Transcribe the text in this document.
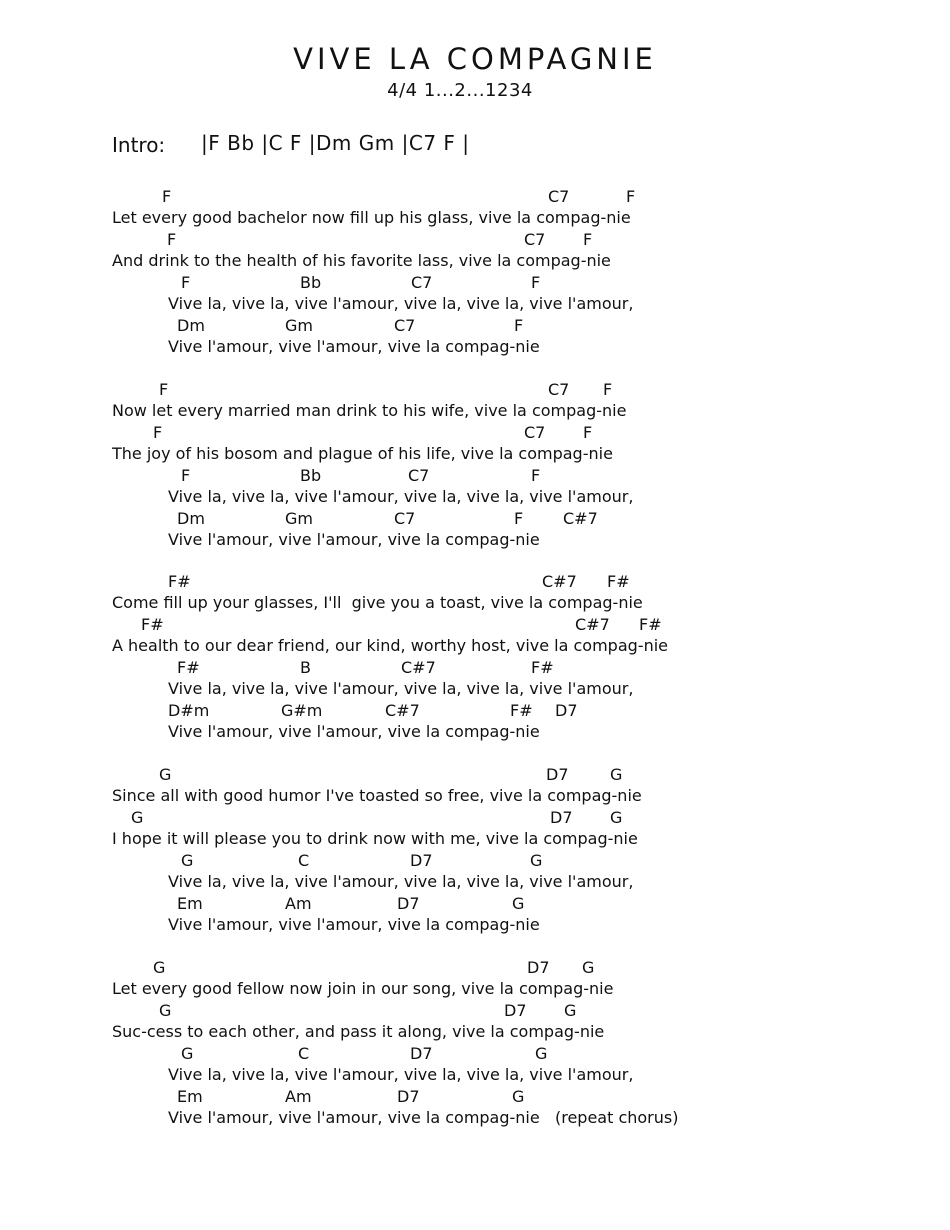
VIVE LA COMPAGNIE
4/4 1...2...1234
Intro: |F Bb |C F |Dm Gm |C7 F |
F	C7	F
Let every good bachelor now fill up his glass, vive la compag-nie
F	C7 F
And drink to the health of his favorite lass, vive la compag-nie
F	Bb	C7	F
Vive la, vive la, vive l'amour, vive la, vive la, vive l'amour,
Dm	Gm	C7	F
Vive l'amour, vive l'amour, vive la compag-nie
F	C7 F
Now let every married man drink to his wife, vive la compag-nie
F	C7 F
The joy of his bosom and plague of his life, vive la compag-nie
F	Bb	C7	F
Vive la, vive la, vive l'amour, vive la, vive la, vive l'amour,
Dm	Gm	C7	F C#7
Vive l'amour, vive l'amour, vive la compag-nie
F#	C#7 F#
Come fill up your glasses, I'll  give you a toast, vive la compag-nie
F#	C#7 F#
A health to our dear friend, our kind, worthy host, vive la compag-nie
F#	B	C#7	F#
Vive la, vive la, vive l'amour, vive la, vive la, vive l'amour,
D#m	G#m	C#7	F# D7
Vive l'amour, vive l'amour, vive la compag-nie
G	D7	G
Since all with good humor I've toasted so free, vive la compag-nie
G	D7 G
I hope it will please you to drink now with me, vive la compag-nie
G	C	D7	G
Vive la, vive la, vive l'amour, vive la, vive la, vive l'amour,
Em	Am	D7	G
Vive l'amour, vive l'amour, vive la compag-nie
G	D7 G
Let every good fellow now join in our song, vive la compag-nie
G	D7 G
Suc-cess to each other, and pass it along, vive la compag-nie
G	C	D7	G
Vive la, vive la, vive l'amour, vive la, vive la, vive l'amour,
Em	Am	D7	G
Vive l'amour, vive l'amour, vive la compag-nie   (repeat chorus)
